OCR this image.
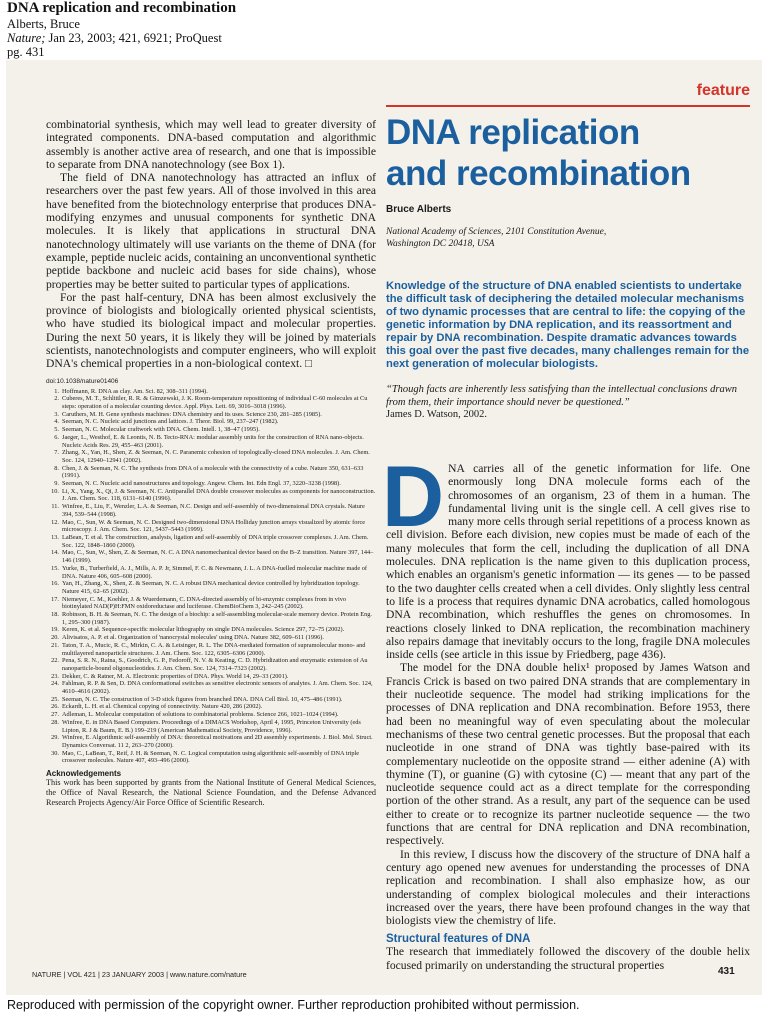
DNA replication and recombination
Alberts, Bruce
Nature; Jan 23, 2003; 421, 6921; ProQuest
pg. 431
feature

combinatorial synthesis, which may well lead to greater diversity of integrated components. DNA-based computation and algorithmic assembly is another active area of research, and one that is impossible to separate from DNA nanotechnology (see Box 1).

The field of DNA nanotechnology has attracted an influx of researchers over the past few years. All of those involved in this area have benefited from the biotechnology enterprise that produces DNA-modifying enzymes and unusual components for synthetic DNA molecules. It is likely that applications in structural DNA nanotechnology ultimately will use variants on the theme of DNA (for example, peptide nucleic acids, containing an unconventional synthetic peptide backbone and nucleic acid bases for side chains), whose properties may be better suited to particular types of applications.

For the past half-century, DNA has been almost exclusively the province of biologists and biologically oriented physical scientists, who have studied its biological impact and molecular properties. During the next 50 years, it is likely they will be joined by materials scientists, nanotechnologists and computer engineers, who will exploit DNA's chemical properties in a non-biological context. □

doi:10.1038/nature01406
1. Hoffmann, R. DNA as clay. Am. Sci. 82, 308–311 (1994).
2. Cuberes, M. T., Schlittler, R. R. & Gimzewski, J. K. Room-temperature repositioning of individual C-60 molecules at Cu steps: operation of a molecular counting device. Appl. Phys. Lett. 69, 3016–3018 (1996).
3. Caruthers, M. H. Gene synthesis machines: DNA chemistry and its uses. Science 230, 281–285 (1985).
4. Seeman, N. C. Nucleic acid junctions and lattices. J. Theor. Biol. 99, 237–247 (1982).
5. Seeman, N. C. Molecular craftwork with DNA. Chem. Intell. 1, 38–47 (1995).
6. Jaeger, L., Westhof, E. & Leontis, N. B. Tecto-RNA: modular assembly units for the construction of RNA nano-objects. Nucleic Acids Res. 29, 455–463 (2001).
7. Zhang, X., Yan, H., Shen, Z. & Seeman, N. C. Paranemic cohesion of topologically-closed DNA molecules. J. Am. Chem. Soc. 124, 12940–12941 (2002).
8. Chen, J. & Seeman, N. C. The synthesis from DNA of a molecule with the connectivity of a cube. Nature 350, 631–633 (1991).
9. Seeman, N. C. Nucleic acid nanostructures and topology. Angew. Chem. Int. Edn Engl. 37, 3220–3238 (1998).
10. Li, X., Yang, X., Qi, J. & Seeman, N. C. Antiparallel DNA double crossover molecules as components for nanoconstruction. J. Am. Chem. Soc. 118, 6131–6140 (1996).
11. Winfree, E., Liu, F., Wenzler, L.A. & Seeman, N.C. Design and self-assembly of two-dimensional DNA crystals. Nature 394, 539–544 (1998).
12. Mao, C., Sun, W. & Seeman, N. C. Designed two-dimensional DNA Holliday junction arrays visualized by atomic force microscopy. J. Am. Chem. Soc. 121, 5437–5443 (1999).
13. LaBean, T. et al. The construction, analysis, ligation and self-assembly of DNA triple crossover complexes. J. Am. Chem. Soc. 122, 1848–1860 (2000).
14. Mao, C., Sun, W., Shen, Z. & Seeman, N. C. A DNA nanomechanical device based on the B–Z transition. Nature 397, 144–146 (1999).
15. Yurke, B., Turberfield, A. J., Mills, A. P. Jr, Simmel, F. C. & Newmann, J. L. A DNA-fuelled molecular machine made of DNA. Nature 406, 605–608 (2000).
16. Yan, H., Zhang, X., Shen, Z. & Seeman, N. C. A robust DNA mechanical device controlled by hybridization topology. Nature 415, 62–65 (2002).
17. Niemeyer, C. M., Koehler, J. & Wuerdemann, C. DNA-directed assembly of bi-enzymic complexes from in vivo biotinylated NAD(P)H:FMN oxidoreductase and luciferase. ChemBioChem 3, 242–245 (2002).
18. Robinson, B. H. & Seeman, N. C. The design of a biochip: a self-assembling molecular-scale memory device. Protein Eng. 1, 295–300 (1987).
19. Keren, K. et al. Sequence-specific molecular lithography on single DNA molecules. Science 297, 72–75 (2002).
20. Alivisatos, A. P. et al. Organization of 'nanocrystal molecules' using DNA. Nature 382, 609–611 (1996).
21. Taton, T. A., Mucic, R. C., Mirkin, C. A. & Letsinger, R. L. The DNA-mediated formation of supramolecular mono- and multilayered nanoparticle structures. J. Am. Chem. Soc. 122, 6305–6306 (2000).
22. Pena, S. R. N., Raina, S., Goodrich, G. P., Fedoroff, N. V. & Keating, C. D. Hybridization and enzymatic extension of Au nanoparticle-bound oligonucleotides. J. Am. Chem. Soc. 124, 7314–7323 (2002).
23. Dekker, C. & Ratner, M. A. Electronic properties of DNA. Phys. World 14, 29–33 (2001).
24. Fahlman, R. P. & Sen, D. DNA conformational switches as sensitive electronic sensors of analytes. J. Am. Chem. Soc. 124, 4610–4616 (2002).
25. Seeman, N. C. The construction of 3-D stick figures from branched DNA. DNA Cell Biol. 10, 475–486 (1991).
26. Eckardt, L. H. et al. Chemical copying of connectivity. Nature 420, 286 (2002).
27. Adleman, L. Molecular computation of solutions to combinatorial problems. Science 266, 1021–1024 (1994).
28. Winfree, E. in DNA Based Computers. Proceedings of a DIMACS Workshop, April 4, 1995, Princeton University (eds Lipton, R. J & Baum, E. B.) 199–219 (American Mathematical Society, Providence, 1996).
29. Winfree, E. Algorithmic self-assembly of DNA: theoretical motivations and 2D assembly experiments. J. Biol. Mol. Struct. Dynamics Conversat. 11 2, 263–270 (2000).
30. Mao, C., LaBean, T., Reif, J. H. & Seeman, N. C. Logical computation using algorithmic self-assembly of DNA triple crossover molecules. Nature 407, 493–496 (2000).
Acknowledgements

This work has been supported by grants from the National Institute of General Medical Sciences, the Office of Naval Research, the National Science Foundation, and the Defense Advanced Research Projects Agency/Air Force Office of Scientific Research.

DNA replication
and recombination
Bruce Alberts
National Academy of Sciences, 2101 Constitution Avenue,
Washington DC 20418, USA

Knowledge of the structure of DNA enabled scientists to undertake the difficult task of deciphering the detailed molecular mechanisms of two dynamic processes that are central to life: the copying of the genetic information by DNA replication, and its reassortment and repair by DNA recombination. Despite dramatic advances towards this goal over the past five decades, many challenges remain for the next generation of molecular biologists.

“Though facts are inherently less satisfying than the intellectual conclusions drawn from them, their importance should never be questioned.”
James D. Watson, 2002.
D NA carries all of the genetic information for life. One enormously long DNA molecule forms each of the chromosomes of an organism, 23 of them in a human. The fundamental living unit is the single cell. A cell gives rise to many more cells through serial repetitions of a process known as cell division. Before each division, new copies must be made of each of the many molecules that form the cell, including the duplication of all DNA molecules. DNA replication is the name given to this duplication process, which enables an organism's genetic information — its genes — to be passed to the two daughter cells created when a cell divides. Only slightly less central to life is a process that requires dynamic DNA acrobatics, called homologous DNA recombination, which reshuffles the genes on chromosomes. In reactions closely linked to DNA replication, the recombination machinery also repairs damage that inevitably occurs to the long, fragile DNA molecules inside cells (see article in this issue by Friedberg, page 436).

The model for the DNA double helix¹ proposed by James Watson and Francis Crick is based on two paired DNA strands that are complementary in their nucleotide sequence. The model had striking implications for the processes of DNA replication and DNA recombination. Before 1953, there had been no meaningful way of even speculating about the molecular mechanisms of these two central genetic processes. But the proposal that each nucleotide in one strand of DNA was tightly base-paired with its complementary nucleotide on the opposite strand — either adenine (A) with thymine (T), or guanine (G) with cytosine (C) — meant that any part of the nucleotide sequence could act as a direct template for the corresponding portion of the other strand. As a result, any part of the sequence can be used either to create or to recognize its partner nucleotide sequence — the two functions that are central for DNA replication and DNA recombination, respectively.

In this review, I discuss how the discovery of the structure of DNA half a century ago opened new avenues for understanding the processes of DNA replication and recombination. I shall also emphasize how, as our understanding of complex biological molecules and their interactions increased over the years, there have been profound changes in the way that biologists view the chemistry of life.

Structural features of DNA

The research that immediately followed the discovery of the double helix focused primarily on understanding the structural properties

NATURE | VOL 421 | 23 JANUARY 2003 | www.nature.com/nature	431
Reproduced with permission of the copyright owner. Further reproduction prohibited without permission.
